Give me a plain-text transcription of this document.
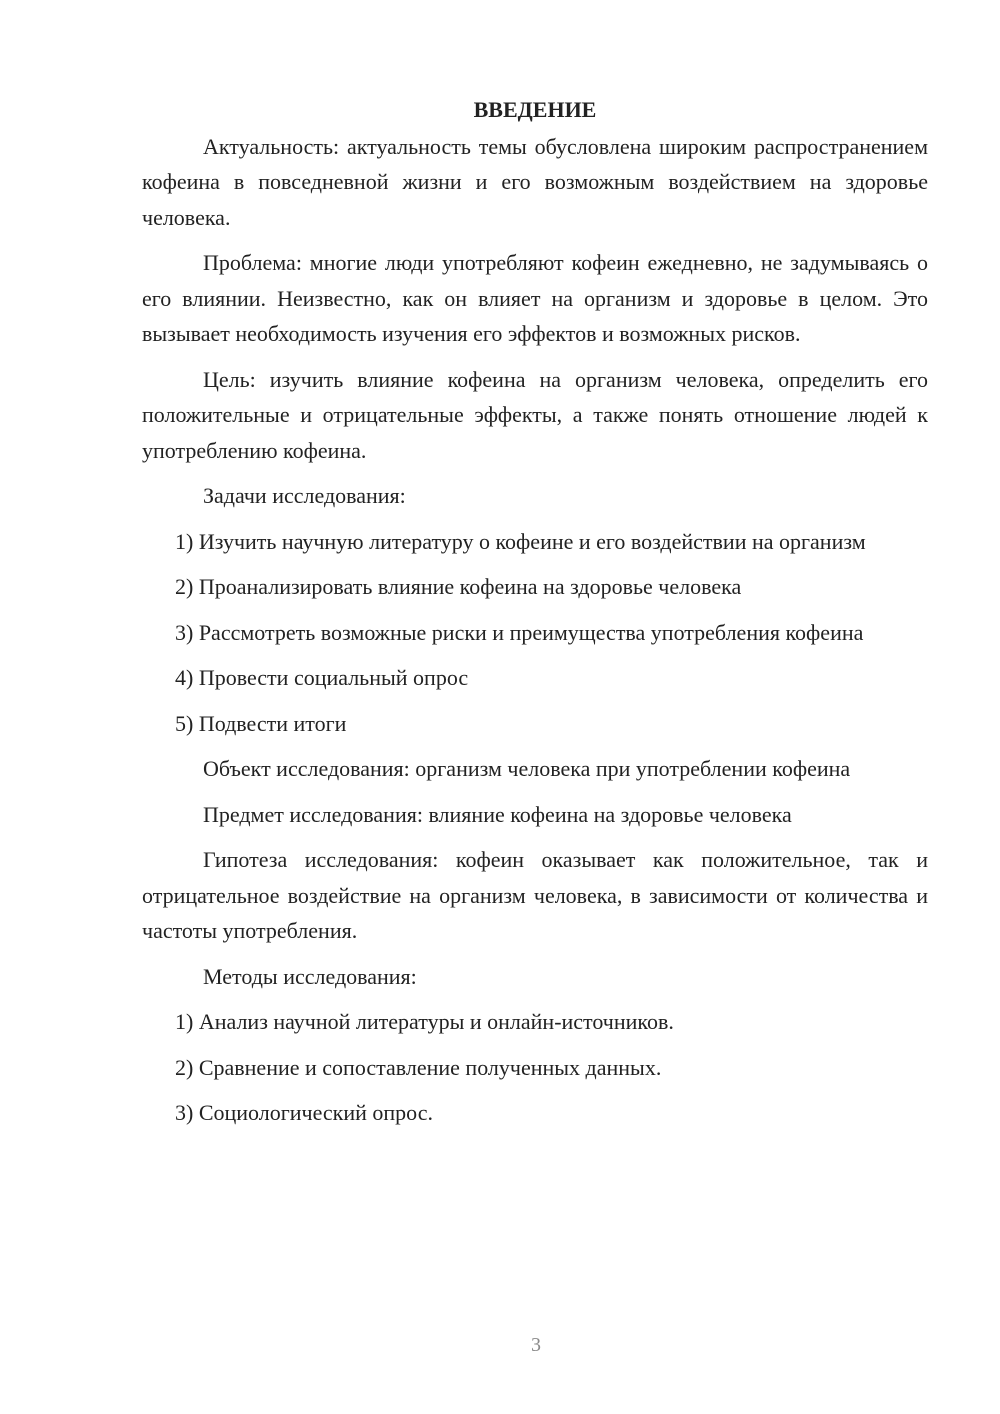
ВВЕДЕНИЕ

Актуальность: актуальность темы обусловлена широким распространением кофеина в повседневной жизни и его возможным воздействием на здоровье человека.

Проблема: многие люди употребляют кофеин ежедневно, не задумываясь о его влиянии. Неизвестно, как он влияет на организм и здоровье в целом. Это вызывает необходимость изучения его эффектов и возможных рисков.

Цель: изучить влияние кофеина на организм человека, определить его положительные и отрицательные эффекты, а также понять отношение людей к употреблению кофеина.

Задачи исследования:

1) Изучить научную литературу о кофеине и его воздействии на организм

2) Проанализировать влияние кофеина на здоровье человека

3) Рассмотреть возможные риски и преимущества употребления кофеина

4) Провести социальный опрос

5) Подвести итоги

Объект исследования: организм человека при употреблении кофеина

Предмет исследования: влияние кофеина на здоровье человека

Гипотеза исследования: кофеин оказывает как положительное, так и отрицательное воздействие на организм человека, в зависимости от количества и частоты употребления.

Методы исследования:

1) Анализ научной литературы и онлайн-источников.

2) Сравнение и сопоставление полученных данных.

3) Социологический опрос.

3
